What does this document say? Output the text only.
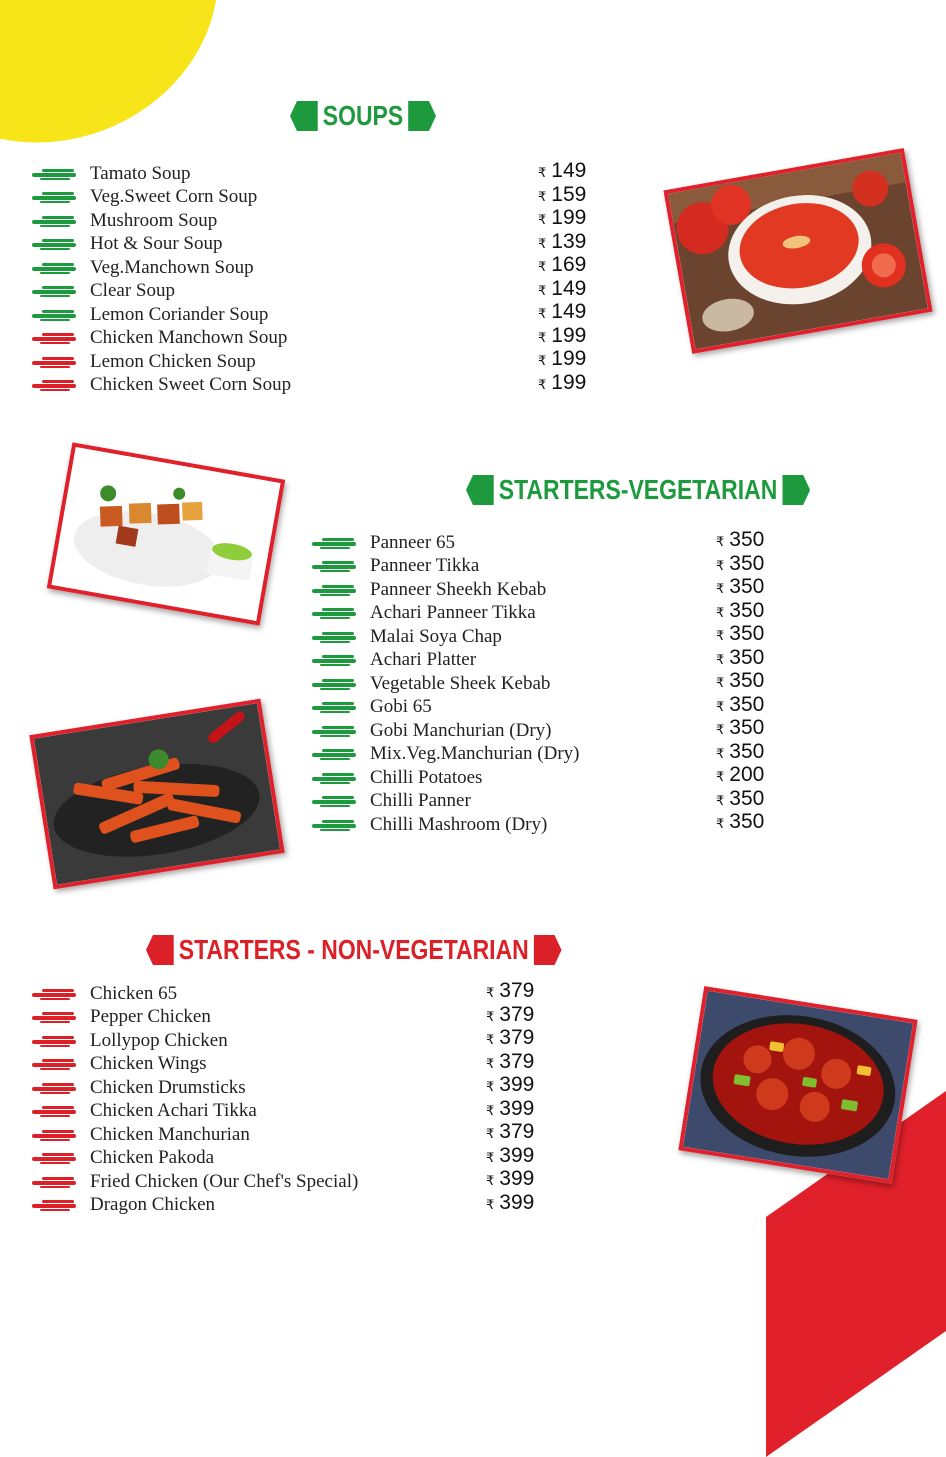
SOUPS
STARTERS-VEGETARIAN
STARTERS - NON-VEGETARIAN
Tamato Soup	₹ 149
Veg.Sweet Corn Soup	₹ 159
Mushroom Soup	₹ 199
Hot & Sour Soup	₹ 139
Veg.Manchown Soup	₹ 169
Clear Soup	₹ 149
Lemon Coriander Soup	₹ 149
Chicken Manchown Soup	₹ 199
Lemon Chicken Soup	₹ 199
Chicken Sweet Corn Soup	₹ 199
Panneer 65	₹ 350
Panneer Tikka	₹ 350
Panneer Sheekh Kebab	₹ 350
Achari Panneer Tikka	₹ 350
Malai Soya Chap	₹ 350
Achari Platter	₹ 350
Vegetable Sheek Kebab	₹ 350
Gobi 65	₹ 350
Gobi Manchurian (Dry)	₹ 350
Mix.Veg.Manchurian (Dry)	₹ 350
Chilli Potatoes	₹ 200
Chilli Panner	₹ 350
Chilli Mashroom (Dry)	₹ 350
Chicken 65	₹ 379
Pepper Chicken	₹ 379
Lollypop Chicken	₹ 379
Chicken Wings	₹ 379
Chicken Drumsticks	₹ 399
Chicken Achari Tikka	₹ 399
Chicken Manchurian	₹ 379
Chicken Pakoda	₹ 399
Fried Chicken (Our Chef's Special)	₹ 399
Dragon Chicken	₹ 399
